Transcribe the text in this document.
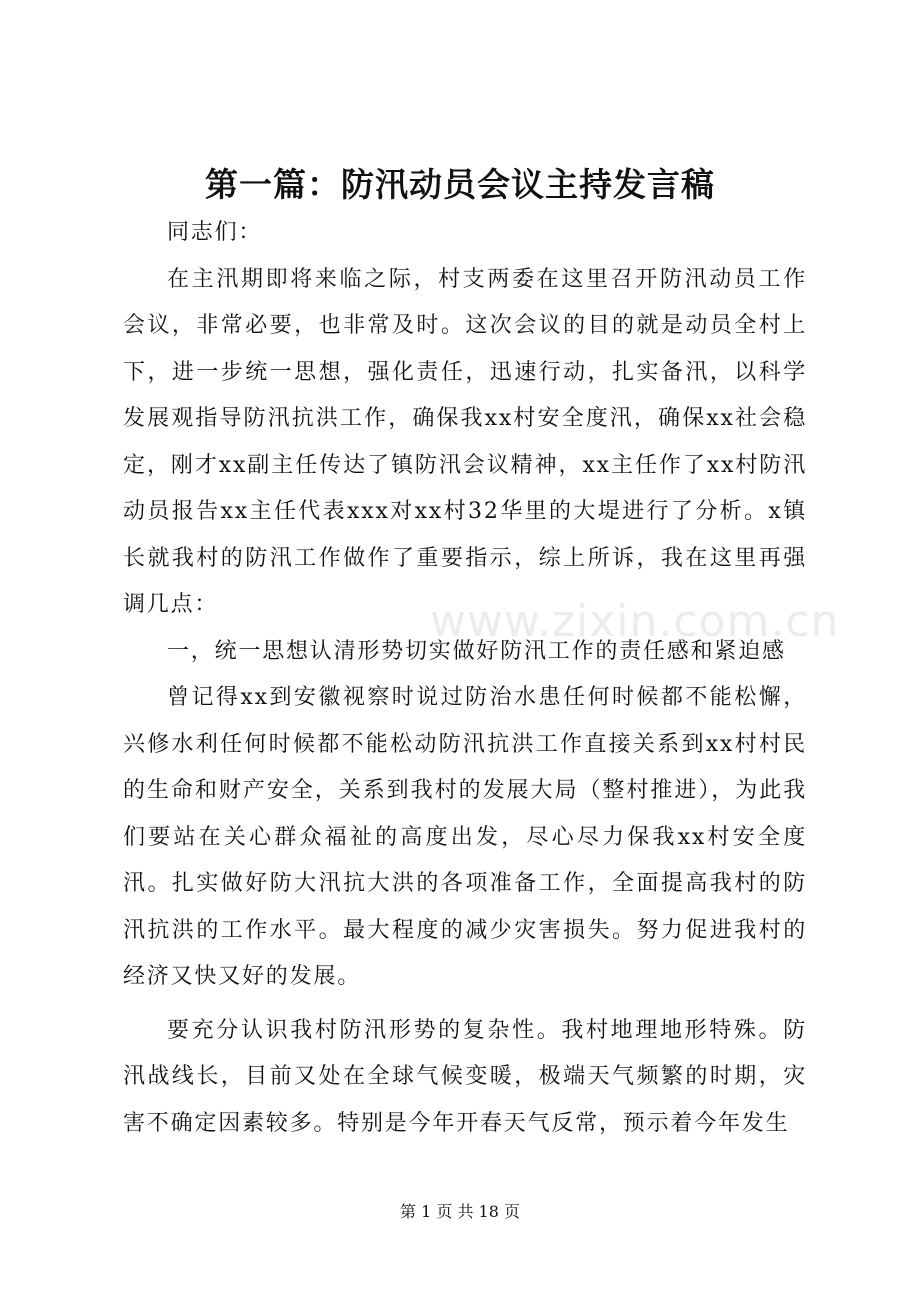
第一篇：防汛动员会议主持发言稿

同志们：

在主汛期即将来临之际，村支两委在这里召开防汛动员工作会议，非常必要，也非常及时。这次会议的目的就是动员全村上下，进一步统一思想，强化责任，迅速行动，扎实备汛，以科学发展观指导防汛抗洪工作，确保我xx村安全度汛，确保xx社会稳定，刚才xx副主任传达了镇防汛会议精神，xx主任作了xx村防汛动员报告xx主任代表xxx对xx村32华里的大堤进行了分析。x镇长就我村的防汛工作做作了重要指示，综上所诉，我在这里再强调几点：

一，统一思想认清形势切实做好防汛工作的责任感和紧迫感

曾记得xx到安徽视察时说过防治水患任何时候都不能松懈，兴修水利任何时候都不能松动防汛抗洪工作直接关系到xx村村民的生命和财产安全，关系到我村的发展大局（整村推进），为此我们要站在关心群众福祉的高度出发，尽心尽力保我xx村安全度汛。扎实做好防大汛抗大洪的各项准备工作，全面提高我村的防汛抗洪的工作水平。最大程度的减少灾害损失。努力促进我村的经济又快又好的发展。

要充分认识我村防汛形势的复杂性。我村地理地形特殊。防汛战线长，目前又处在全球气候变暖，极端天气频繁的时期，灾害不确定因素较多。特别是今年开春天气反常，预示着今年发生

www.zixin.com.cn
第 1 页 共 18 页
